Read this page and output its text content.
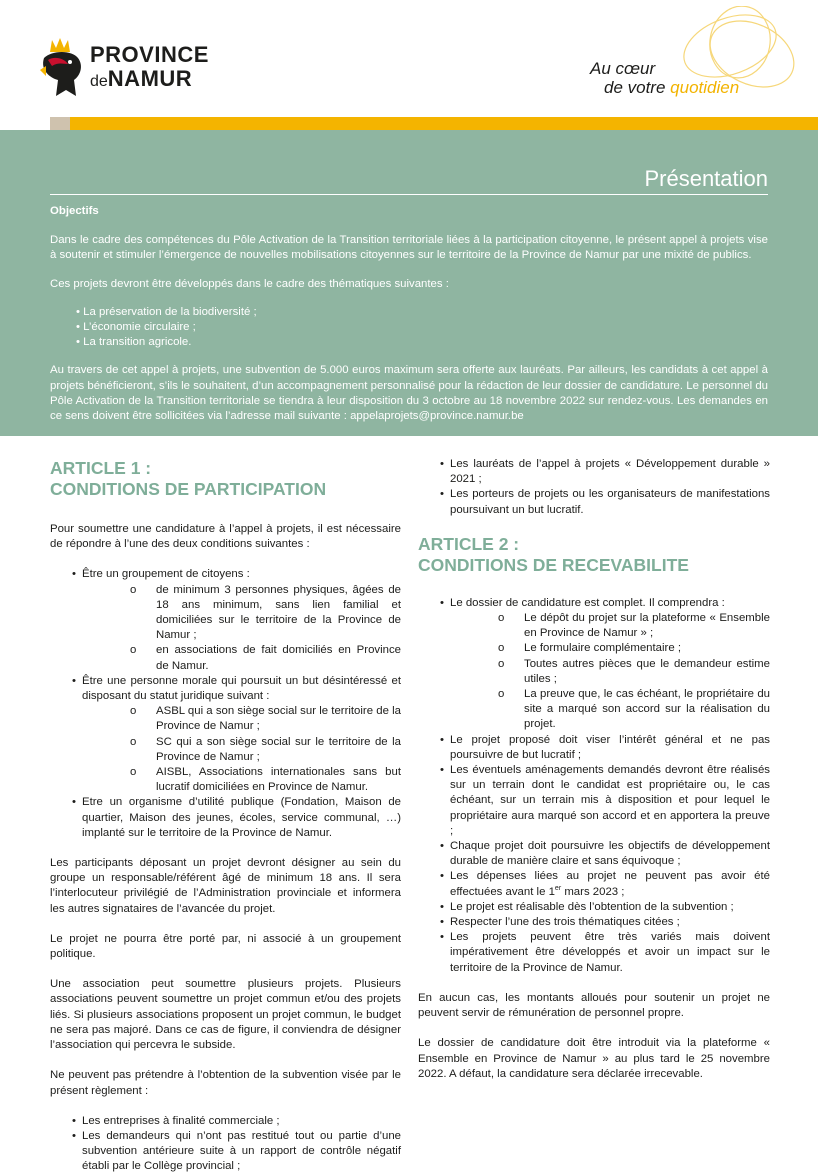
PROVINCE
deNAMUR	Au cœur
de votre quotidien
Présentation

Objectifs

Dans le cadre des compétences du Pôle Activation de la Transition territoriale liées à la participation citoyenne, le présent appel à projets vise à soutenir et stimuler l’émergence de nouvelles mobilisations citoyennes sur le territoire de la Province de Namur par une mixité de publics.

Ces projets devront être développés dans le cadre des thématiques suivantes :

• La préservation de la biodiversité ;
• L’économie circulaire ;
• La transition agricole.

Au travers de cet appel à projets, une subvention de 5.000 euros maximum sera offerte aux lauréats. Par ailleurs, les candidats à cet appel à projets bénéficieront, s’ils le souhaitent, d’un accompagnement personnalisé pour la rédaction de leur dossier de candidature. Le personnel du Pôle Activation de la Transition territoriale se tiendra à leur disposition du 3 octobre au 18 novembre 2022 sur rendez-vous. Les demandes en ce sens doivent être sollicitées via l’adresse mail suivante : appelaprojets@province.namur.be

ARTICLE 1 :
CONDITIONS DE PARTICIPATION

Pour soumettre une candidature à l’appel à projets, il est nécessaire de répondre à l’une des deux conditions suivantes :

• Être un groupement de citoyens :
o de minimum 3 personnes physiques, âgées de 18 ans minimum, sans lien familial et domiciliées sur le territoire de la Province de Namur ;
o en associations de fait domiciliés en Province de Namur.
• Être une personne morale qui poursuit un but désintéressé et disposant du statut juridique suivant :
o ASBL qui a son siège social sur le territoire de la Province de Namur ;
o SC qui a son siège social sur le territoire de la Province de Namur ;
o AISBL, Associations internationales sans but lucratif domiciliées en Province de Namur.
• Etre un organisme d’utilité publique (Fondation, Maison de quartier, Maison des jeunes, écoles, service communal, …) implanté sur le territoire de la Province de Namur.

Les participants déposant un projet devront désigner au sein du groupe un responsable/référent âgé de minimum 18 ans. Il sera l’interlocuteur privilégié de l’Administration provinciale et informera les autres signataires de l’avancée du projet.

Le projet ne pourra être porté par, ni associé à un groupement politique.

Une association peut soumettre plusieurs projets. Plusieurs associations peuvent soumettre un projet commun et/ou des projets liés. Si plusieurs associations proposent un projet commun, le budget ne sera pas majoré. Dans ce cas de figure, il conviendra de désigner l’association qui percevra le subside.

Ne peuvent pas prétendre à l’obtention de la subvention visée par le présent règlement :

• Les entreprises à finalité commerciale ;
• Les demandeurs qui n’ont pas restitué tout ou partie d’une subvention antérieure suite à un rapport de contrôle négatif établi par le Collège provincial ;
• Les lauréats de l’appel à projets « Développement durable » 2021 ;
• Les porteurs de projets ou les organisateurs de manifestations poursuivant un but lucratif.
ARTICLE 2 :
CONDITIONS DE RECEVABILITE
• Le dossier de candidature est complet. Il comprendra :
o Le dépôt du projet sur la plateforme « Ensemble en Province de Namur » ;
o Le formulaire complémentaire ;
o Toutes autres pièces que le demandeur estime utiles ;
o La preuve que, le cas échéant, le propriétaire du site a marqué son accord sur la réalisation du projet.
• Le projet proposé doit viser l’intérêt général et ne pas poursuivre de but lucratif ;
• Les éventuels aménagements demandés devront être réalisés sur un terrain dont le candidat est propriétaire ou, le cas échéant, sur un terrain mis à disposition et pour lequel le propriétaire aura marqué son accord et en apportera la preuve ;
• Chaque projet doit poursuivre les objectifs de développement durable de manière claire et sans équivoque ;
• Les dépenses liées au projet ne peuvent pas avoir été effectuées avant le 1er mars 2023 ;
• Le projet est réalisable dès l’obtention de la subvention ;
• Respecter l’une des trois thématiques citées ;
• Les projets peuvent être très variés mais doivent impérativement être développés et avoir un impact sur le territoire de la Province de Namur.

En aucun cas, les montants alloués pour soutenir un projet ne peuvent servir de rémunération de personnel propre.

Le dossier de candidature doit être introduit via la plateforme « Ensemble en Province de Namur » au plus tard le 25 novembre 2022. A défaut, la candidature sera déclarée irrecevable.
